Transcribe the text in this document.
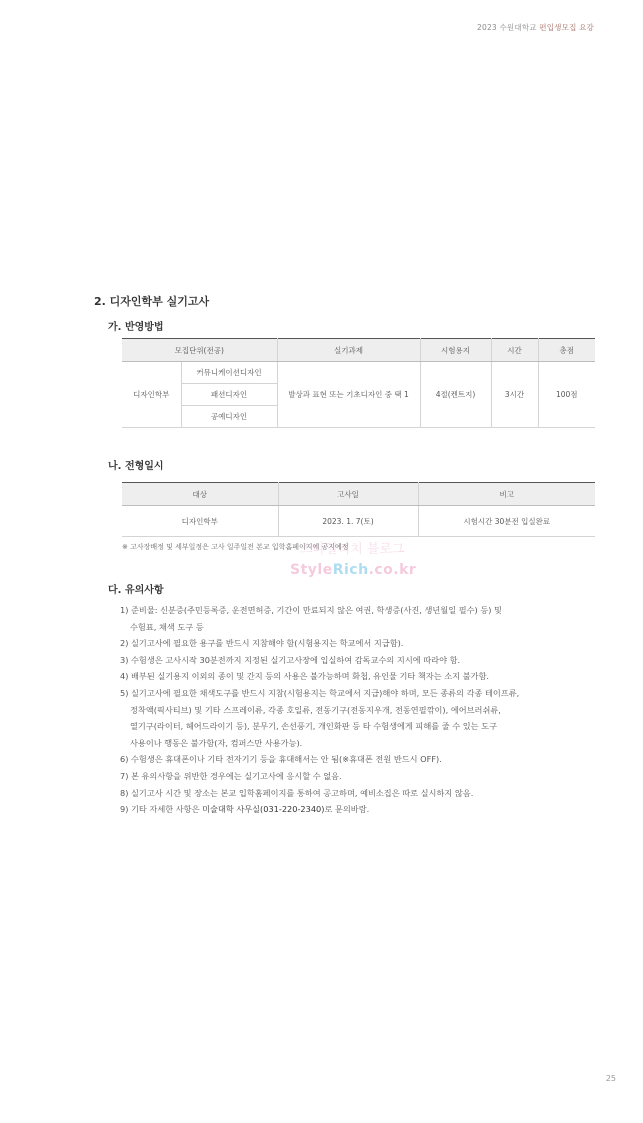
2023 수원대학교 편입생모집 요강
2. 디자인학부 실기고사
가. 반영방법
모집단위(전공)		실기과제	시험용지	시간	총점
디자인학부	커뮤니케이션디자인	발상과 표현 또는 기초디자인 중 택 1	4절(켄트지)	3시간	100점
	패션디자인				
	공예디자인				
나. 전형일시
대상	고사일	비고
디자인학부	2023. 1. 7(토)	시험시간 30분전 입실완료
※ 고사장배정 및 세부일정은 고사 일주일전 본교 입학홈페이지에 공지예정
스타일리치 블로그
StyleRich.co.kr
다. 유의사항
1) 준비물: 신분증(주민등록증, 운전면허증, 기간이 만료되지 않은 여권, 학생증(사진, 생년월일 필수) 등) 및
수험표, 채색 도구 등
2) 실기고사에 필요한 용구를 반드시 지참해야 함(시험용지는 학교에서 지급함).
3) 수험생은 고사시작 30분전까지 지정된 실기고사장에 입실하여 감독교수의 지시에 따라야 함.
4) 배부된 실기용지 이외의 종이 및 간지 등의 사용은 불가능하며 화첩, 유인물 기타 책자는 소지 불가함.
5) 실기고사에 필요한 채색도구를 반드시 지참(시험용지는 학교에서 지급)해야 하며, 모든 종류의 각종 테이프류,
정착액(픽사티브) 및 기타 스프레이류, 각종 호일류, 전동기구(전동지우개, 전동연필깎이), 에어브러쉬류,
열기구(라이터, 헤어드라이기 등), 분무기, 손선풍기, 개인화판 등 타 수험생에게 피해를 줄 수 있는 도구
사용이나 행동은 불가함(자, 컴퍼스만 사용가능).
6) 수험생은 휴대폰이나 기타 전자기기 등을 휴대해서는 안 됨(※휴대폰 전원 반드시 OFF).
7) 본 유의사항을 위반한 경우에는 실기고사에 응시할 수 없음.
8) 실기고사 시간 및 장소는 본교 입학홈페이지를 통하여 공고하며, 예비소집은 따로 실시하지 않음.
9) 기타 자세한 사항은 미술대학 사무실(031-220-2340)로 문의바람.
25
